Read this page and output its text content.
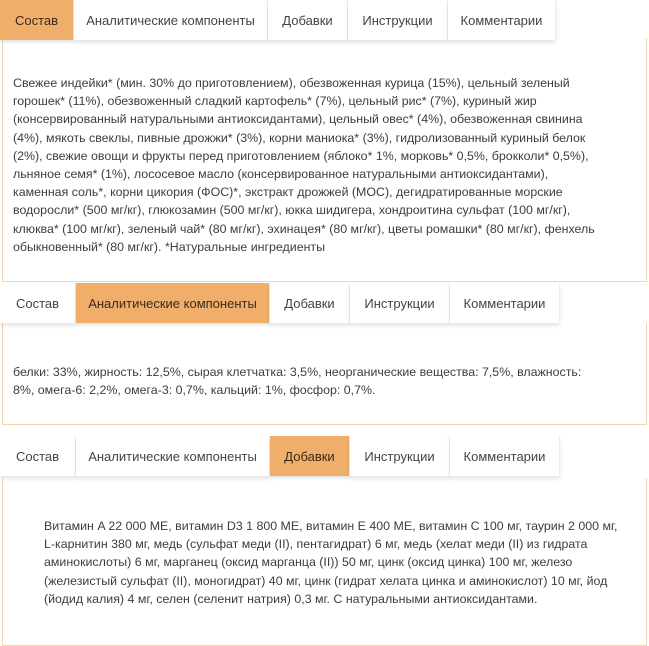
Состав	Аналитические компоненты	Добавки	Инструкции	Комментарии
Свежее индейки* (мин. 30% до приготовлением), обезвоженная курица (15%), цельный зеленый горошек* (11%), обезвоженный сладкий картофель* (7%), цельный рис* (7%), куриный жир (консервированный натуральными антиоксидантами), цельный овес* (4%), обезвоженная свинина (4%), мякоть свеклы, пивные дрожжи* (3%), корни маниока* (3%), гидролизованный куриный белок (2%), свежие овощи и фрукты перед приготовлением (яблоко* 1%, морковь* 0,5%, брокколи* 0,5%), льняное семя* (1%), лососевое масло (консервированное натуральными антиоксидантами), каменная соль*, корни цикория (ФОС)*, экстракт дрожжей (МОС), дегидратированные морские водоросли* (500 мг/кг), глюкозамин (500 мг/кг), юкка шидигера, хондроитина сульфат (100 мг/кг), клюква* (100 мг/кг), зеленый чай* (80 мг/кг), эхинацея* (80 мг/кг), цветы ромашки* (80 мг/кг), фенхель обыкновенный* (80 мг/кг). *Натуральные ингредиенты
Состав	Аналитические компоненты	Добавки	Инструкции	Комментарии
белки: 33%, жирность: 12,5%, сырая клетчатка: 3,5%, неорганические вещества: 7,5%, влажность: 8%, омега-6: 2,2%, омега-3: 0,7%, кальций: 1%, фосфор: 0,7%.
Состав	Аналитические компоненты	Добавки	Инструкции	Комментарии
Витамин A 22 000 МЕ, витамин D3 1 800 МЕ, витамин E 400 МЕ, витамин C 100 мг, таурин 2 000 мг, L-карнитин 380 мг, медь (сульфат меди (II), пентагидрат) 6 мг, медь (хелат меди (II) из гидрата аминокислоты) 6 мг, марганец (оксид марганца (II)) 50 мг, цинк (оксид цинка) 100 мг, железо (железистый сульфат (II), моногидрат) 40 мг, цинк (гидрат хелата цинка и аминокислот) 10 мг, йод (йодид калия) 4 мг, селен (селенит натрия) 0,3 мг. С натуральными антиоксидантами.
